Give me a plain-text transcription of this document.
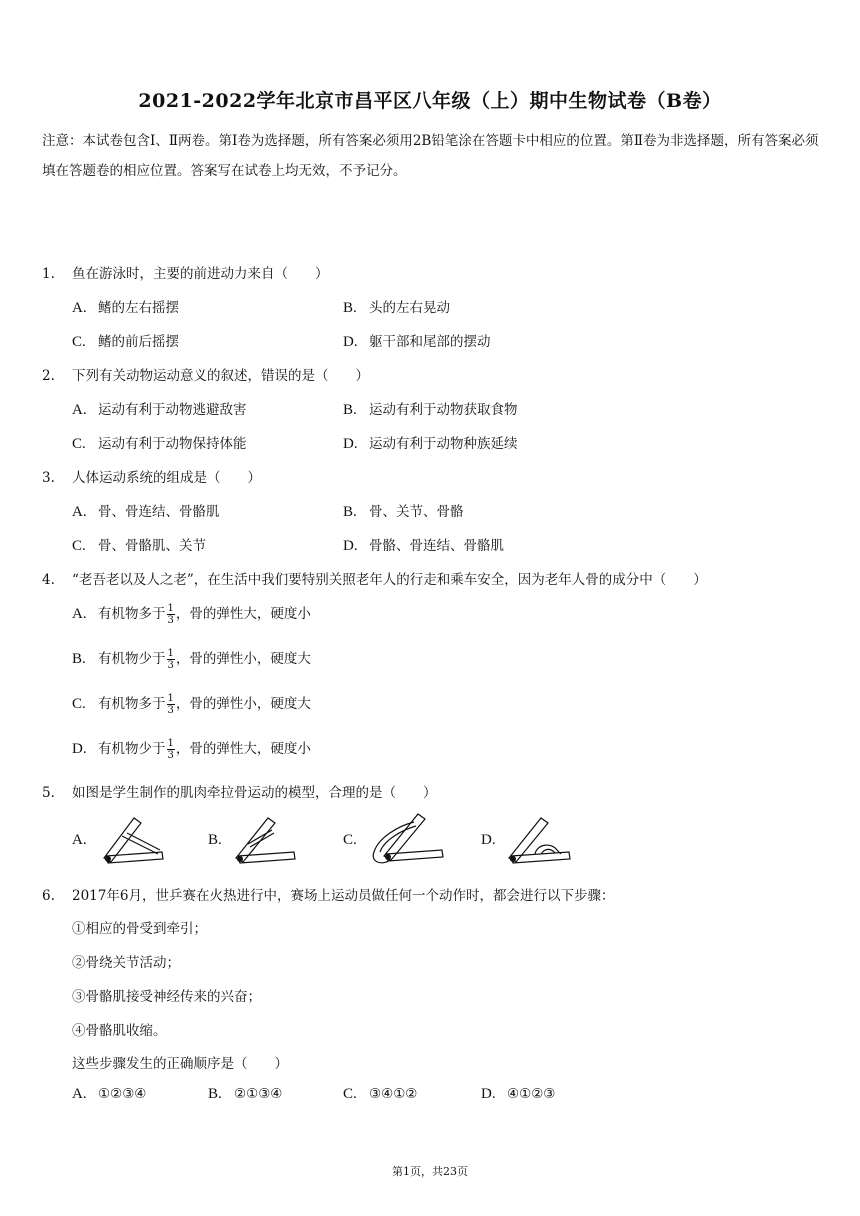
2021-2022学年北京市昌平区八年级（上）期中生物试卷（B卷）
注意：本试卷包含Ⅰ、Ⅱ两卷。第Ⅰ卷为选择题，所有答案必须用2B铅笔涂在答题卡中相应的位置。第Ⅱ卷为非选择题，所有答案必须填在答题卷的相应位置。答案写在试卷上均无效，不予记分。
1. 鱼在游泳时，主要的前进动力来自（　　）
A. 鳍的左右摇摆	B. 头的左右晃动
C. 鳍的前后摇摆	D. 躯干部和尾部的摆动
2. 下列有关动物运动意义的叙述，错误的是（　　）
A. 运动有利于动物逃避敌害	B. 运动有利于动物获取食物
C. 运动有利于动物保持体能	D. 运动有利于动物种族延续
3. 人体运动系统的组成是（　　）
A. 骨、骨连结、骨骼肌	B. 骨、关节、骨骼
C. 骨、骨骼肌、关节	D. 骨骼、骨连结、骨骼肌
4. “老吾老以及人之老”，在生活中我们要特别关照老年人的行走和乘车安全，因为老年人骨的成分中（　　）
A. 有机物多于 $\frac{1}{3}$ ，骨的弹性大，硬度小
B. 有机物少于 $\frac{1}{3}$ ，骨的弹性小，硬度大
C. 有机物多于 $\frac{1}{3}$ ，骨的弹性小，硬度大
D. 有机物少于 $\frac{1}{3}$ ，骨的弹性大，硬度小
5. 如图是学生制作的肌肉牵拉骨运动的模型，合理的是（　　）
A.	B.	C.	D.
6. 2017年6月，世乒赛在火热进行中，赛场上运动员做任何一个动作时，都会进行以下步骤：
①相应的骨受到牵引；
②骨绕关节活动；
③骨骼肌接受神经传来的兴奋；
④骨骼肌收缩。
这些步骤发生的正确顺序是（　　）
A. ①②③④	B. ②①③④	C. ③④①②	D. ④①②③
第1页，共23页
